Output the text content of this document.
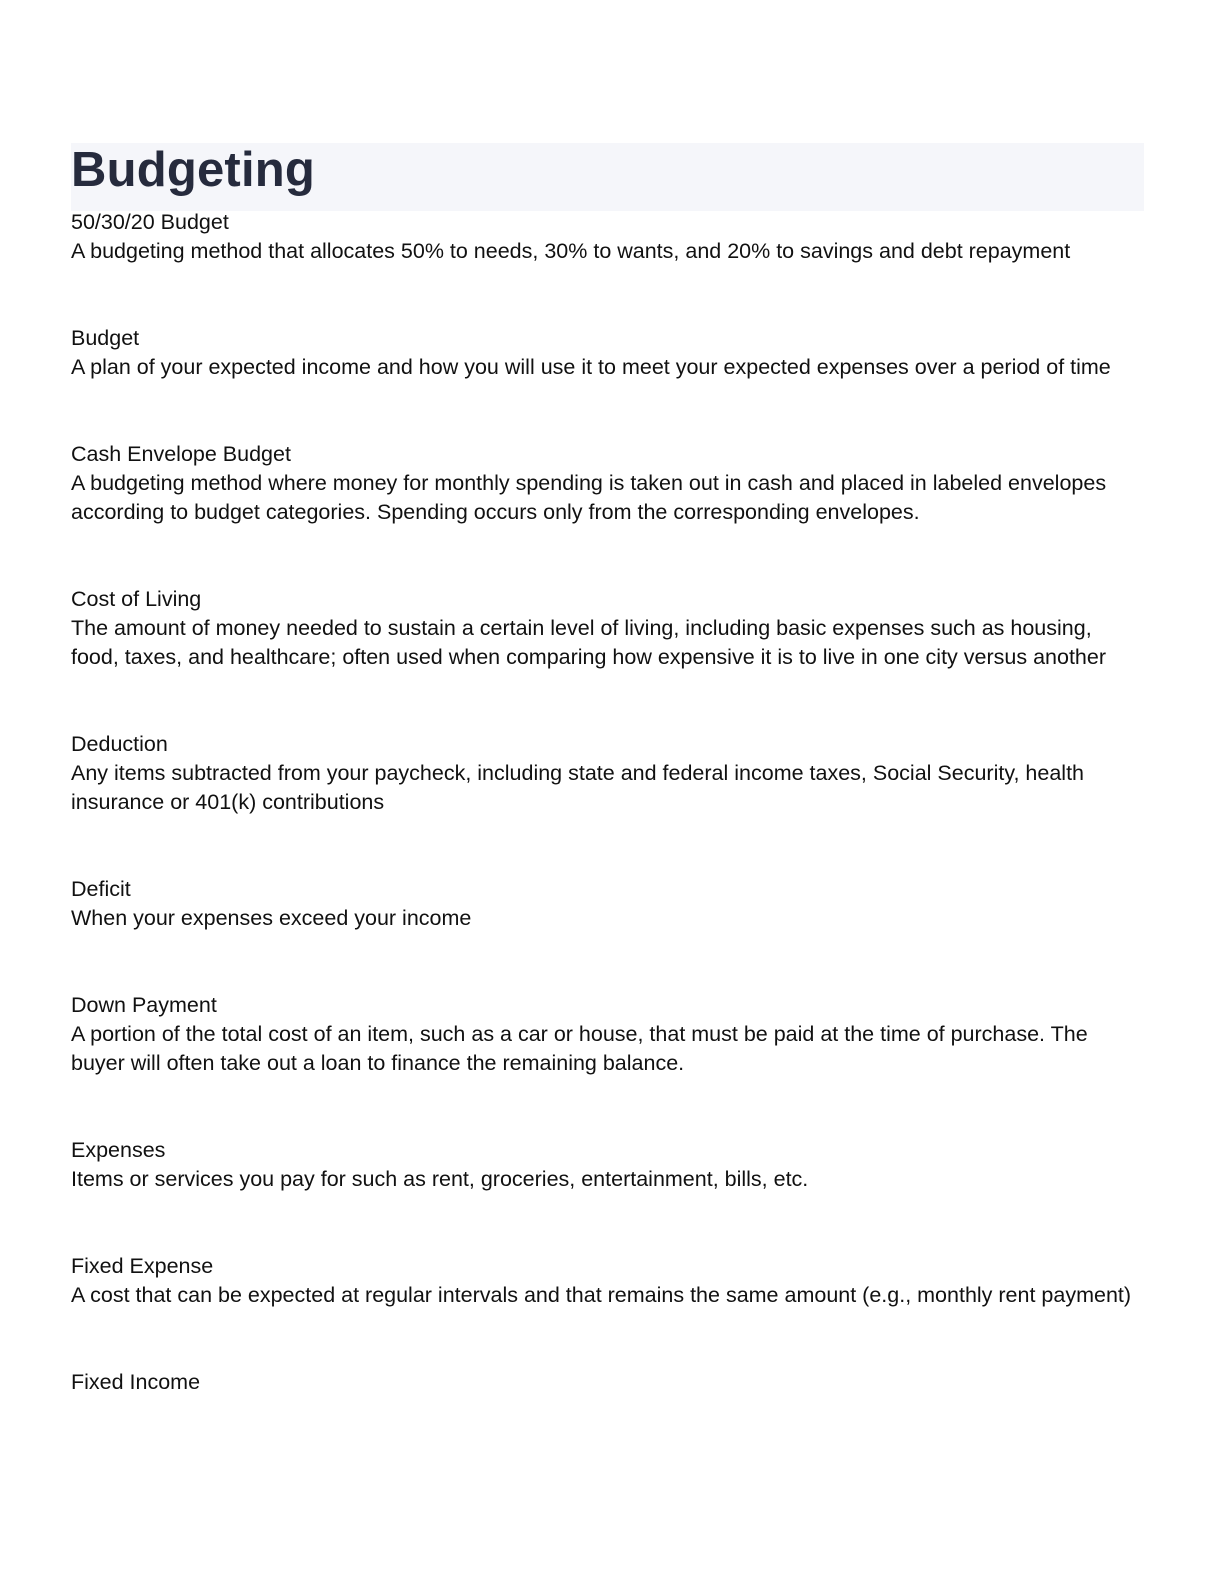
Budgeting
50/30/20 Budget
A budgeting method that allocates 50% to needs, 30% to wants, and 20% to savings and debt repayment
Budget
A plan of your expected income and how you will use it to meet your expected expenses over a period of time
Cash Envelope Budget
A budgeting method where money for monthly spending is taken out in cash and placed in labeled envelopes according to budget categories. Spending occurs only from the corresponding envelopes.
Cost of Living
The amount of money needed to sustain a certain level of living, including basic expenses such as housing, food, taxes, and healthcare; often used when comparing how expensive it is to live in one city versus another
Deduction
Any items subtracted from your paycheck, including state and federal income taxes, Social Security, health insurance or 401(k) contributions
Deficit
When your expenses exceed your income
Down Payment
A portion of the total cost of an item, such as a car or house, that must be paid at the time of purchase. The buyer will often take out a loan to finance the remaining balance.
Expenses
Items or services you pay for such as rent, groceries, entertainment, bills, etc.
Fixed Expense
A cost that can be expected at regular intervals and that remains the same amount (e.g., monthly rent payment)
Fixed Income
